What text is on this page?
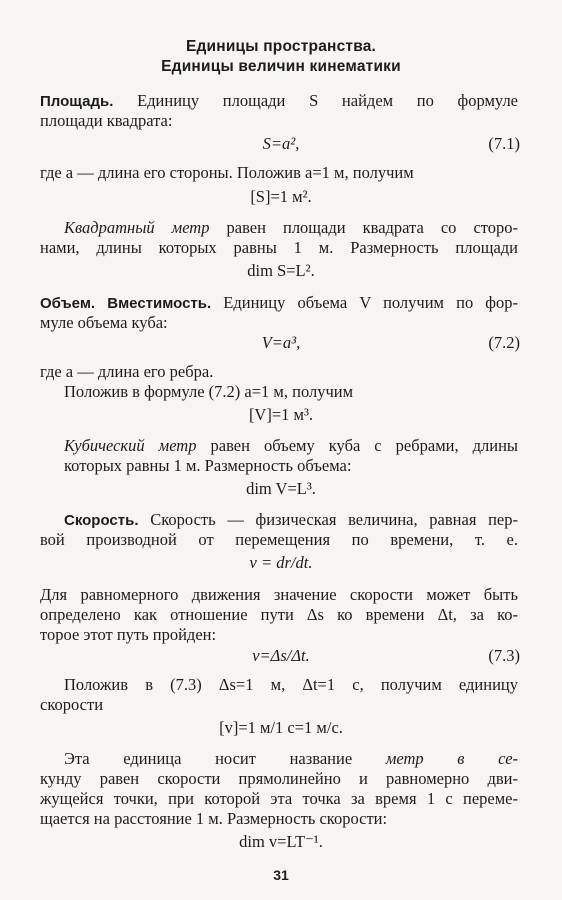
Единицы пространства.
Единицы величин кинематики
Площадь. Единицу площади S найдем по формуле
площади квадрата:
S=a²,	(7.1)
где a — длина его стороны. Положив a=1 м, получим
[S]=1 м².
Квадратный метр равен площади квадрата со сторо-
нами, длины которых равны 1 м. Размерность площади
dim S=L².
Объем. Вместимость. Единицу объема V получим по фор-
муле объема куба:
V=a³,	(7.2)
где a — длина его ребра.
Положив в формуле (7.2) a=1 м, получим
[V]=1 м³.
Кубический метр равен объему куба с ребрами, длины
которых равны 1 м. Размерность объема:
dim V=L³.
Скорость. Скорость — физическая величина, равная пер-
вой производной от перемещения по времени, т. е.
v = dr/dt.
Для равномерного движения значение скорости может быть
определено как отношение пути Δs ко времени Δt, за ко-
торое этот путь пройден:
v=Δs/Δt.	(7.3)
Положив в (7.3) Δs=1 м, Δt=1 с, получим единицу
скорости
[v]=1 м/1 с=1 м/с.
Эта единица носит название метр в се-
кунду равен скорости прямолинейно и равномерно дви-
жущейся точки, при которой эта точка за время 1 с переме-
щается на расстояние 1 м. Размерность скорости:
dim v=LT⁻¹.
31
